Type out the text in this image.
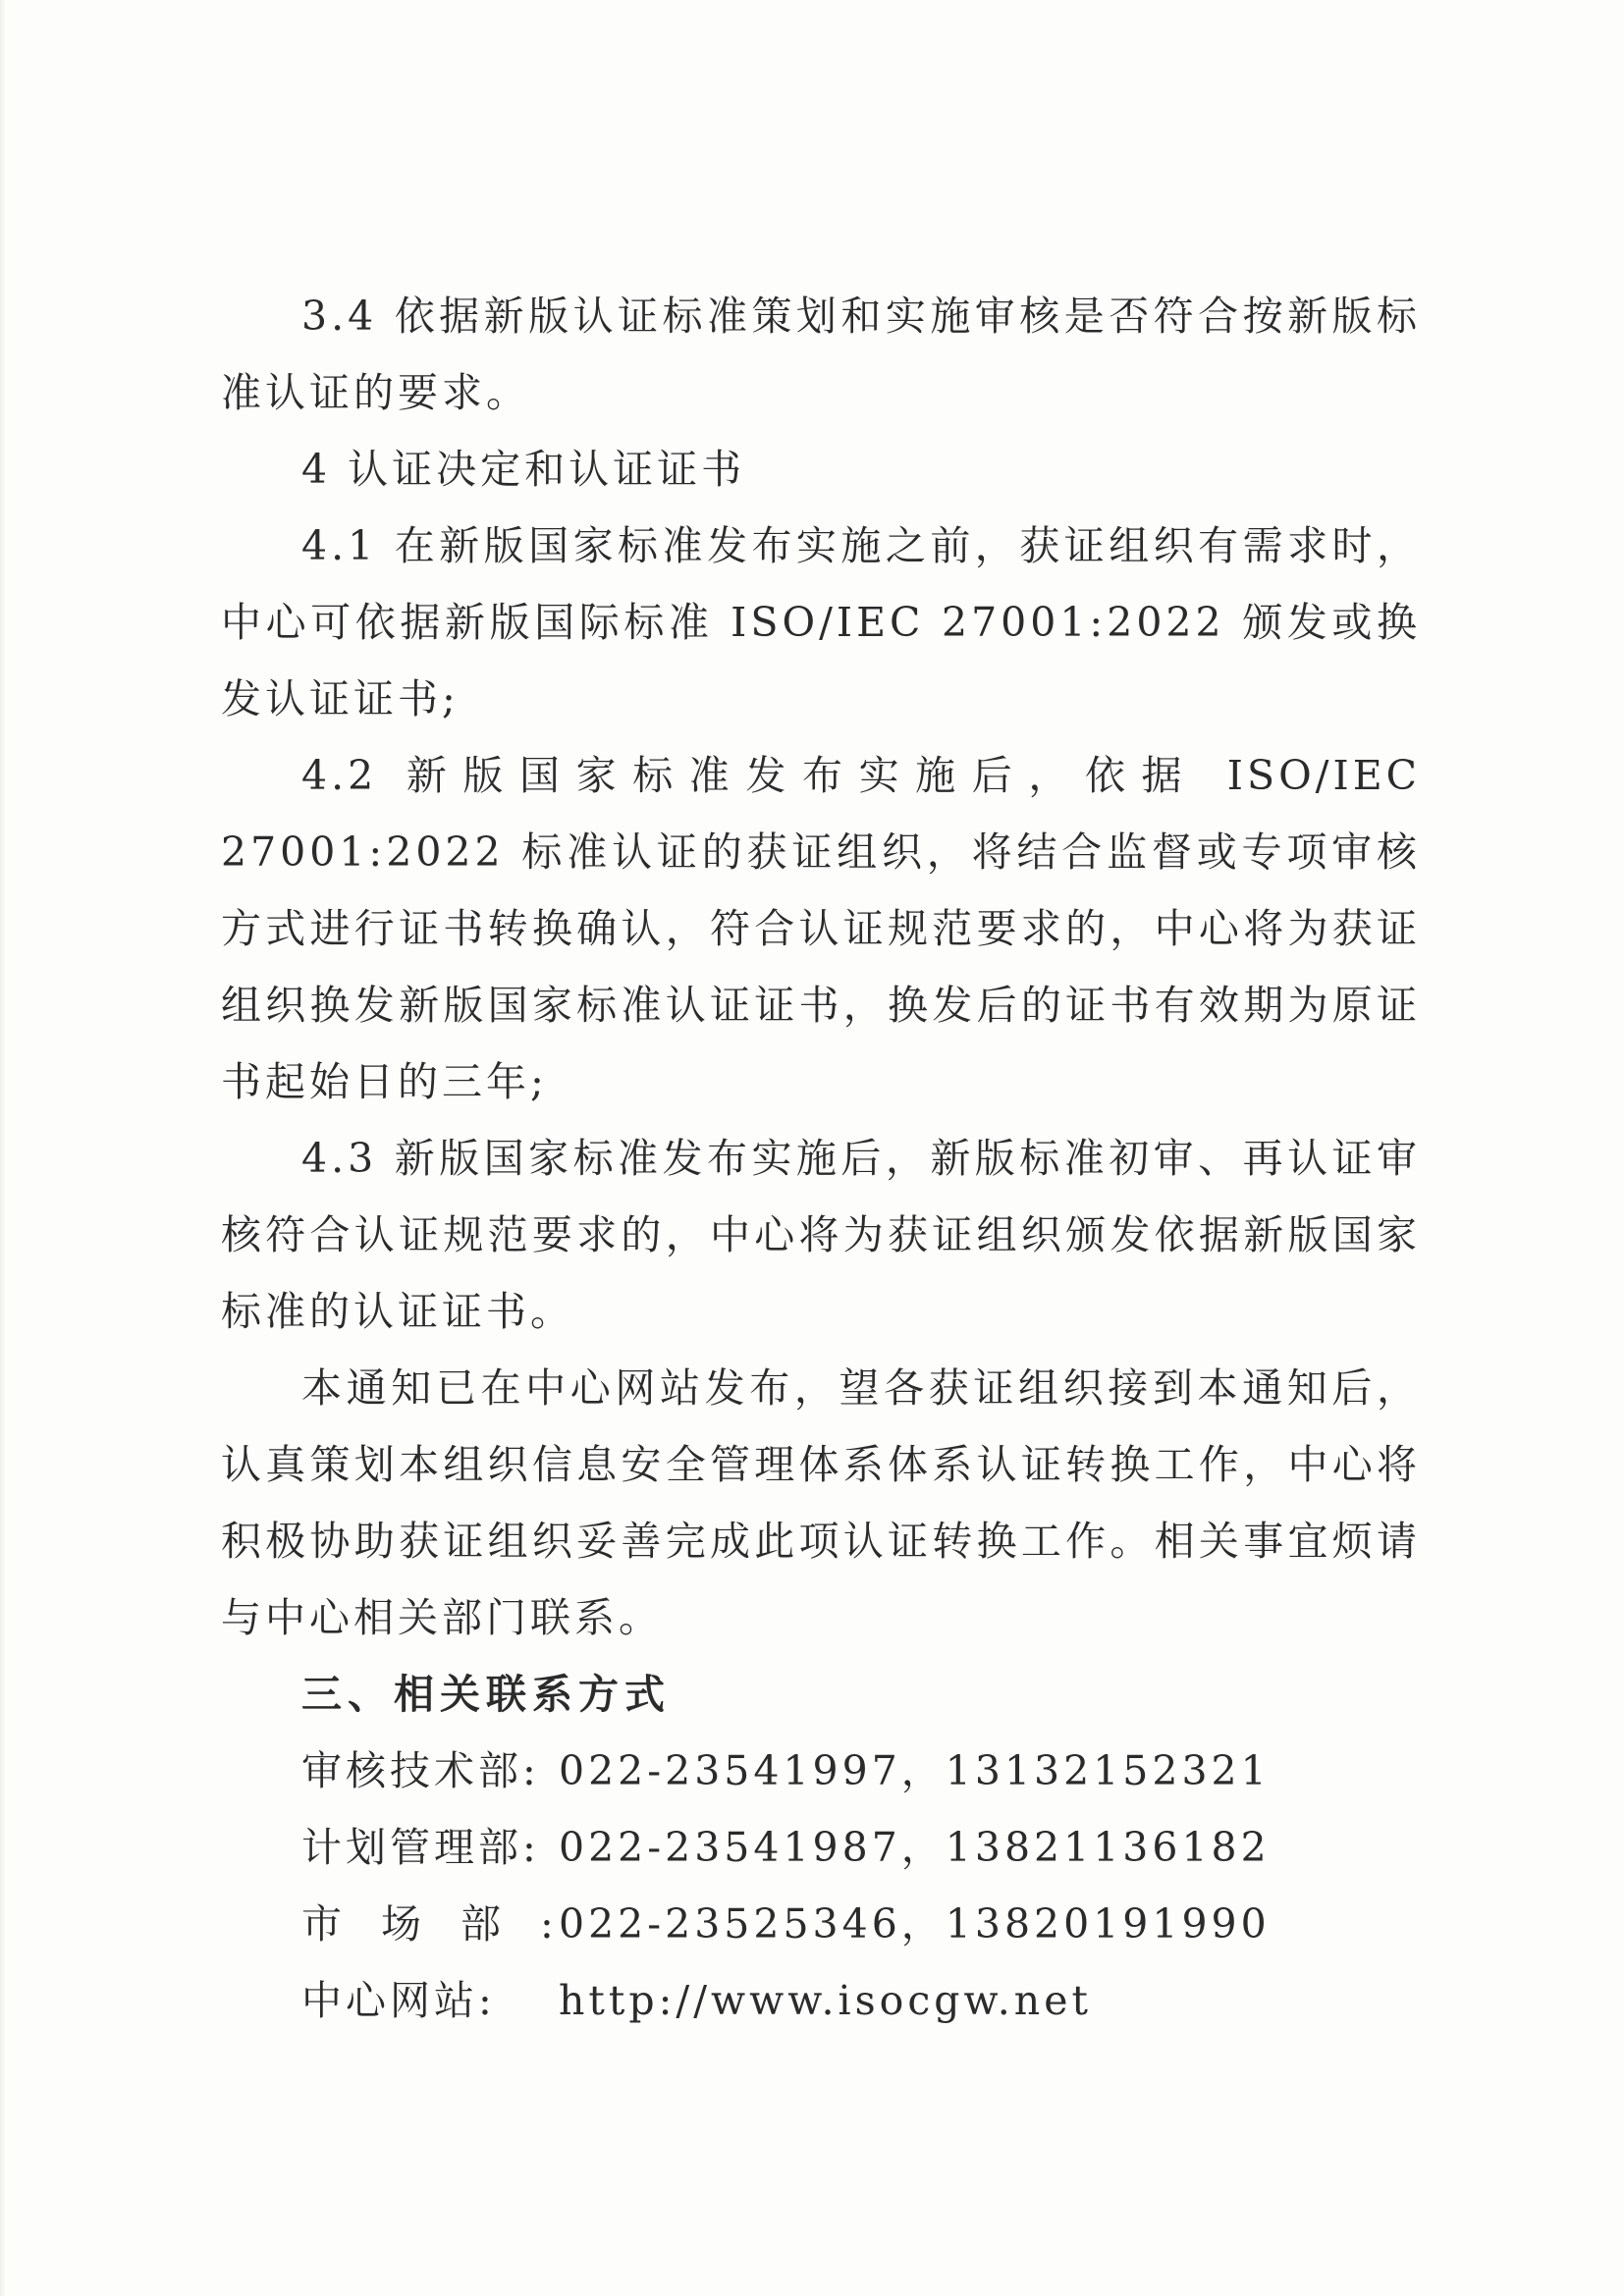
3.4 依据新版认证标准策划和实施审核是否符合按新版标准认证的要求。

4 认证决定和认证证书

4.1 在新版国家标准发布实施之前，获证组织有需求时，中心可依据新版国际标准 ISO/IEC 27001:2022 颁发或换发认证证书;

4.2 新版国家标准发布实施后，依据 ISO/IEC 27001:2022 标准认证的获证组织，将结合监督或专项审核方式进行证书转换确认，符合认证规范要求的，中心将为获证组织换发新版国家标准认证证书，换发后的证书有效期为原证书起始日的三年;

4.3 新版国家标准发布实施后，新版标准初审、再认证审核符合认证规范要求的，中心将为获证组织颁发依据新版国家标准的认证证书。

本通知已在中心网站发布，望各获证组织接到本通知后，认真策划本组织信息安全管理体系体系认证转换工作，中心将积极协助获证组织妥善完成此项认证转换工作。相关事宜烦请与中心相关部门联系。

三、相关联系方式

审核技术部: 022-23541997，13132152321

计划管理部: 022-23541987，13821136182

市场部:022-23525346，13820191990

中心网站: http://www.isocgw.net
